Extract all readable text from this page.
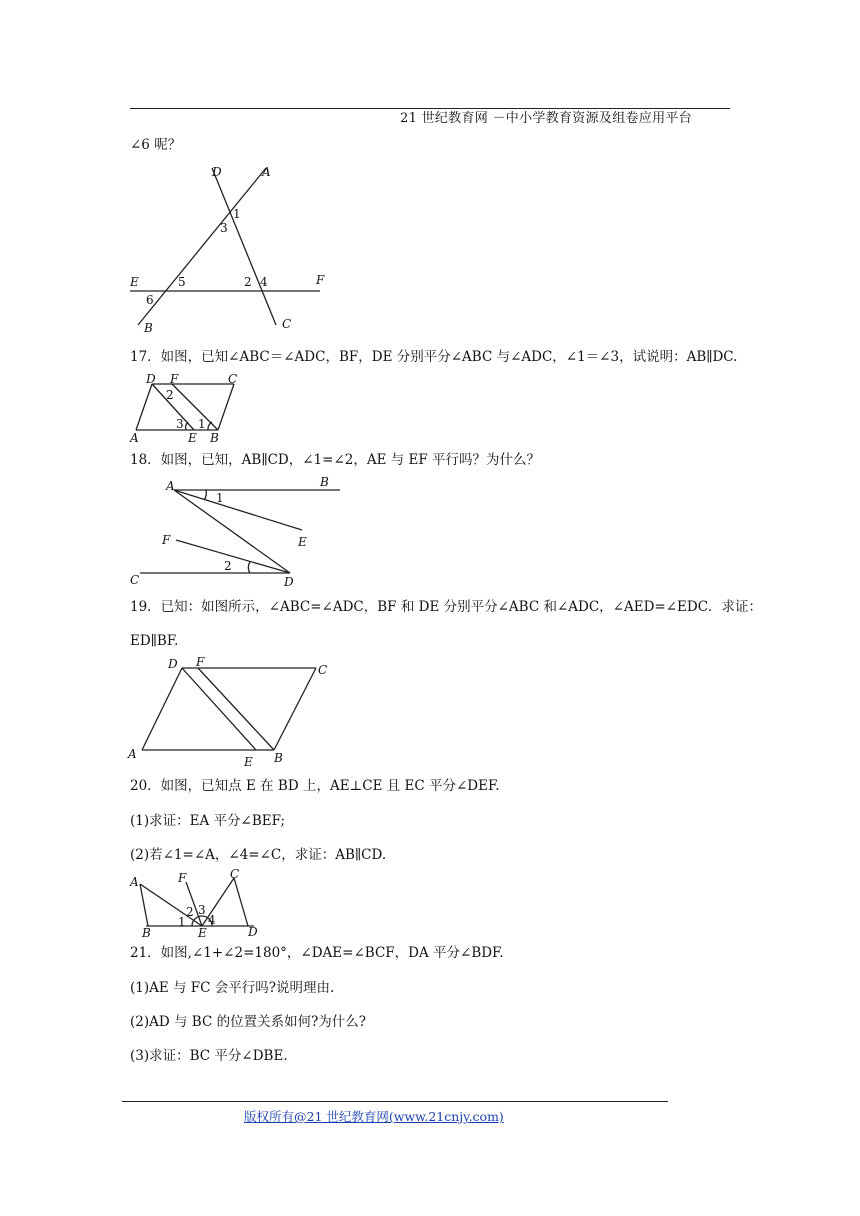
21 世纪教育网 －中小学教育资源及组卷应用平台
∠6 呢？
D	A
1
3
E	5	2 4	F
6
B	C
17．如图，已知∠ABC＝∠ADC，BF，DE 分别平分∠ABC 与∠ADC，∠1＝∠3，试说明：AB∥DC.
D F	C
2
3 1
A	E B
18．如图，已知，AB∥CD，∠1=∠2，AE 与 EF 平行吗？为什么？
A
1
B
F	E
C
2
D
19．已知：如图所示，∠ABC=∠ADC，BF 和 DE 分别平分∠ABC 和∠ADC，∠AED=∠EDC．求证：
ED∥BF.
D F
C
A
E B
20．如图，已知点 E 在 BD 上，AE⊥CE 且 EC 平分∠DEF.
(1)求证：EA 平分∠BEF;
(2)若∠1=∠A，∠4=∠C，求证：AB∥CD.
A	F	C
2 3
1 4
B	E	D
21．如图,∠1+∠2=180°，∠DAE=∠BCF，DA 平分∠BDF.
(1)AE 与 FC 会平行吗?说明理由.
(2)AD 与 BC 的位置关系如何?为什么?
(3)求证：BC 平分∠DBE.
版权所有@21 世纪教育网(www.21cnjy.com)
